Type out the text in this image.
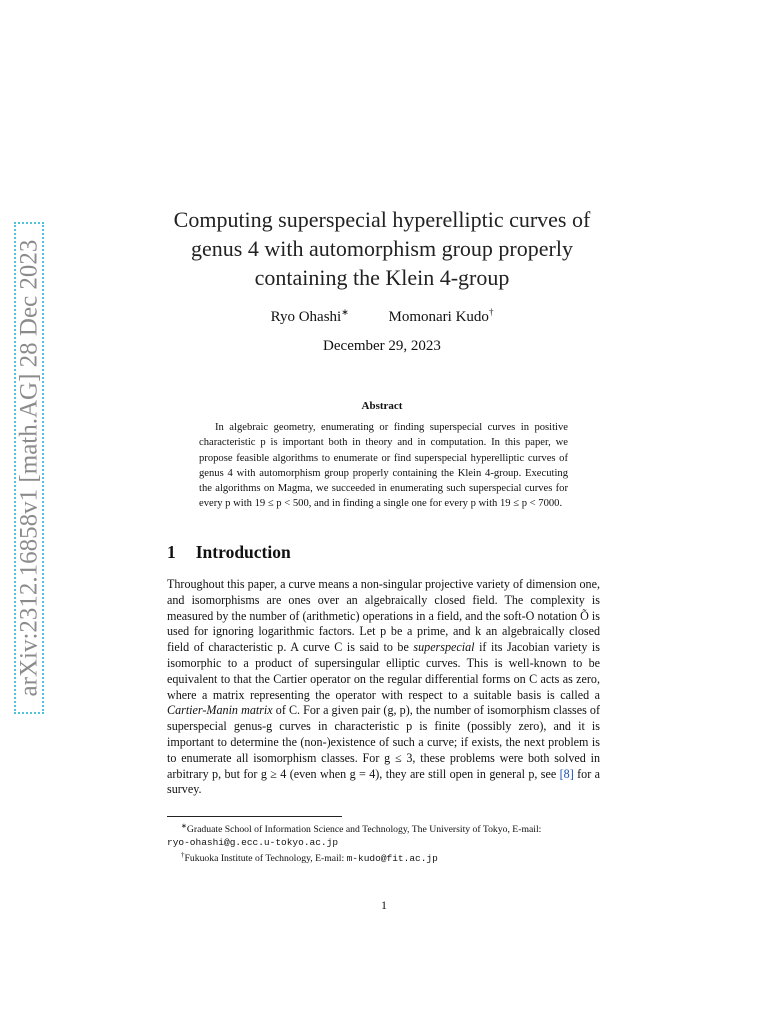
arXiv:2312.16858v1 [math.AG] 28 Dec 2023
Computing superspecial hyperelliptic curves of
genus 4 with automorphism group properly
containing the Klein 4-group
Ryo Ohashi∗	Momonari Kudo†
December 29, 2023
Abstract
In algebraic geometry, enumerating or finding superspecial curves in positive characteristic p is important both in theory and in computation. In this paper, we propose feasible algorithms to enumerate or find superspecial hyperelliptic curves of genus 4 with automorphism group properly containing the Klein 4-group. Executing the algorithms on Magma, we succeeded in enumerating such superspecial curves for every p with 19 ≤ p < 500, and in finding a single one for every p with 19 ≤ p < 7000.
1 Introduction

Throughout this paper, a curve means a non-singular projective variety of dimension one, and isomorphisms are ones over an algebraically closed field. The complexity is measured by the number of (arithmetic) operations in a field, and the soft-O notation Õ is used for ignoring logarithmic factors. Let p be a prime, and k an algebraically closed field of characteristic p. A curve C is said to be superspecial if its Jacobian variety is isomorphic to a product of supersingular elliptic curves. This is well-known to be equivalent to that the Cartier operator on the regular differential forms on C acts as zero, where a matrix representing the operator with respect to a suitable basis is called a Cartier-Manin matrix of C. For a given pair (g, p), the number of isomorphism classes of superspecial genus-g curves in characteristic p is finite (possibly zero), and it is important to determine the (non-)existence of such a curve; if exists, the next problem is to enumerate all isomorphism classes. For g ≤ 3, these problems were both solved in arbitrary p, but for g ≥ 4 (even when g = 4), they are still open in general p, see [8] for a survey.

∗Graduate School of Information Science and Technology, The University of Tokyo, E-mail:
ryo-ohashi@g.ecc.u-tokyo.ac.jp
†Fukuoka Institute of Technology, E-mail: m-kudo@fit.ac.jp
1
